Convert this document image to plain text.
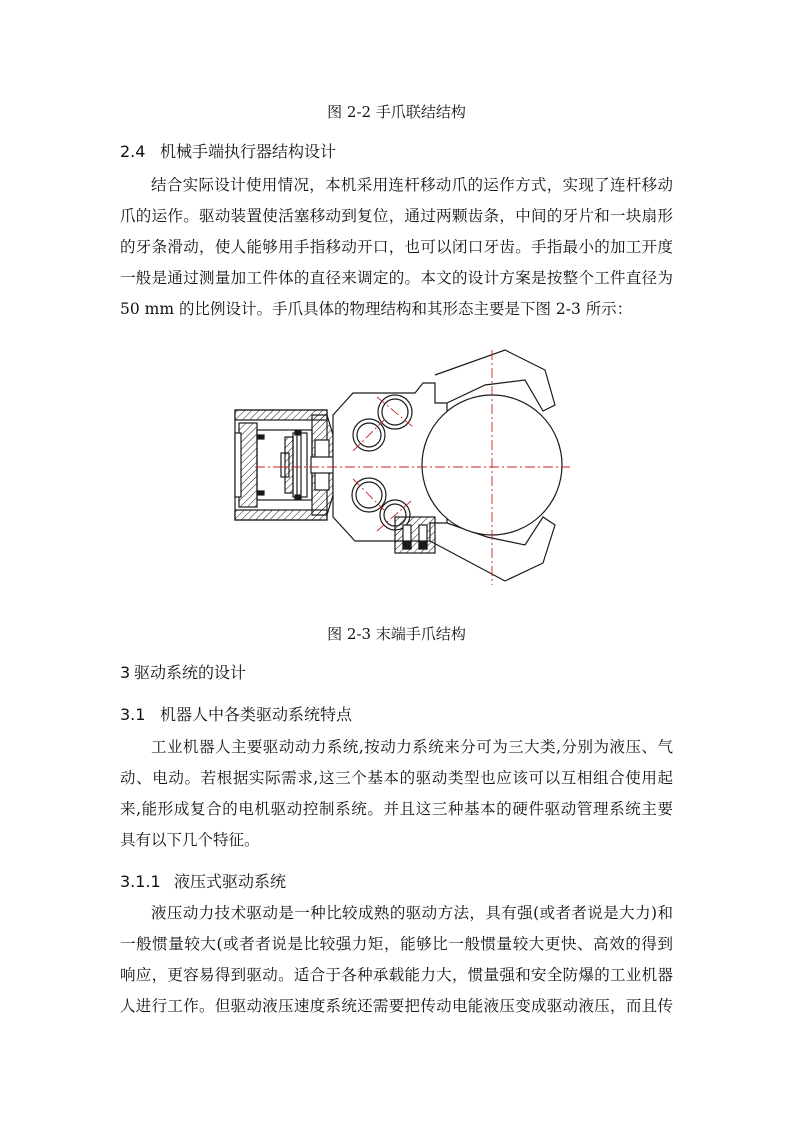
图 2-2 手爪联结结构
2.4 机械手端执行器结构设计
结合实际设计使用情况，本机采用连杆移动爪的运作方式，实现了连杆移动
爪的运作。驱动装置使活塞移动到复位，通过两颗齿条，中间的牙片和一块扇形
的牙条滑动，使人能够用手指移动开口，也可以闭口牙齿。手指最小的加工开度
一般是通过测量加工件体的直径来调定的。本文的设计方案是按整个工件直径为
50 mm 的比例设计。手爪具体的物理结构和其形态主要是下图 2-3 所示：
图 2-3 末端手爪结构
3 驱动系统的设计
3.1 机器人中各类驱动系统特点
工业机器人主要驱动动力系统,按动力系统来分可为三大类,分别为液压、气
动、电动。若根据实际需求,这三个基本的驱动类型也应该可以互相组合使用起
来,能形成复合的电机驱动控制系统。并且这三种基本的硬件驱动管理系统主要
具有以下几个特征。
3.1.1 液压式驱动系统
液压动力技术驱动是一种比较成熟的驱动方法，具有强(或者者说是大力)和
一般惯量较大(或者者说是比较强力矩，能够比一般惯量较大更快、高效的得到
响应，更容易得到驱动。适合于各种承载能力大，惯量强和安全防爆的工业机器
人进行工作。但驱动液压速度系统还需要把传动电能液压变成驱动液压，而且传
